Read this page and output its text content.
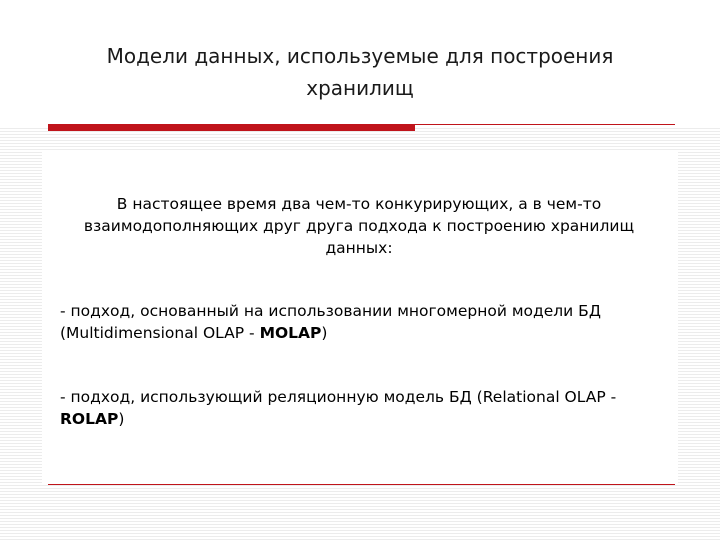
Модели данных, используемые для построения хранилищ
В настоящее время два чем-то конкурирующих, а в чем-то взаимодополняющих друг друга подхода к построению хранилищ данных:
- подход, основанный на использовании многомерной модели БД (Multidimensional OLAP - MOLAP)
- подход, использующий реляционную модель БД (Relational OLAP - ROLAP)
